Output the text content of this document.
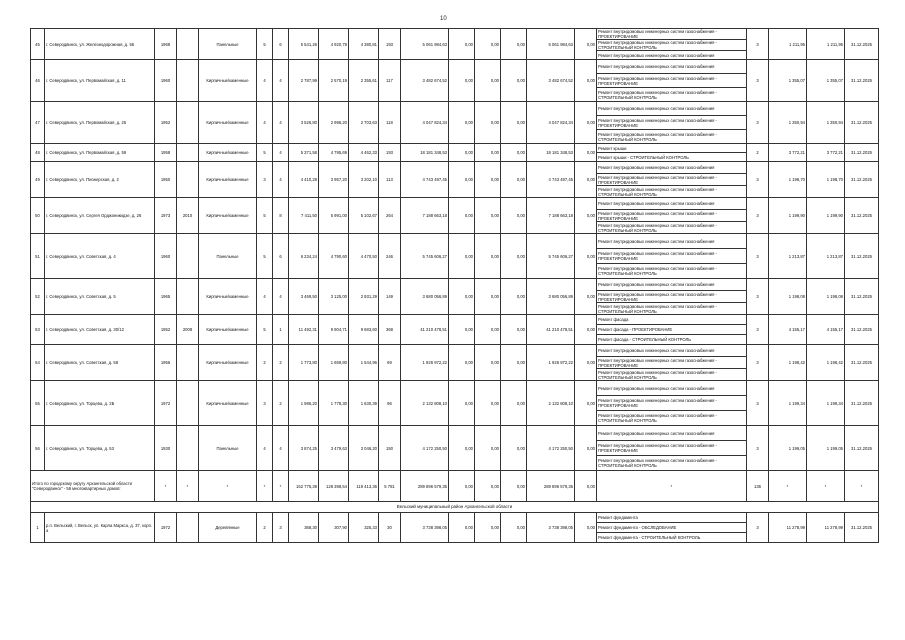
10
45	г. Северодвинск, ул. Железнодорожная, д. 56	1968		Панельные	5	6	5 541,26	4 920,78	4 380,81	193	5 061 984,63	0,00	0,00	0,00	5 061 984,63	0,00	Ремонт внутридомовых инженерных систем газоснабжения - ПРОЕКТИРОВАНИЕ	3	1 211,95	1 211,95	31.12.2025
																	Ремонт внутридомовых инженерных систем газоснабжения - СТРОИТЕЛЬНЫЙ КОНТРОЛЬ				
																	Ремонт внутридомовых инженерных систем газоснабжения				
46	г. Северодвинск, ул. Первомайская, д. 11	1960		Кирпичные/каменные	4	4	2 787,99	2 570,19	2 355,61	117	3 482 674,52	0,00	0,00	0,00	3 482 674,52	0,00	Ремонт внутридомовых инженерных систем газоснабжения	3	1 355,07	1 355,07	31.12.2025
																	Ремонт внутридомовых инженерных систем газоснабжения - ПРОЕКТИРОВАНИЕ				
																	Ремонт внутридомовых инженерных систем газоснабжения - СТРОИТЕЛЬНЫЙ КОНТРОЛЬ				
47	г. Северодвинск, ул. Первомайская, д. 25	1952		Кирпичные/каменные	4	4	3 526,80	2 996,20	2 703,63	118	4 047 824,34	0,00	0,00	0,00	4 047 824,34	0,00	Ремонт внутридомовых инженерных систем газоснабжения	3	1 350,94	1 350,94	31.12.2025
																	Ремонт внутридомовых инженерных систем газоснабжения - ПРОЕКТИРОВАНИЕ				
																	Ремонт внутридомовых инженерных систем газоснабжения - СТРОИТЕЛЬНЫЙ КОНТРОЛЬ				
48	г. Северодвинск, ул. Первомайская, д. 59	1958		Кирпичные/каменные	5	4	5 371,58	4 795,69	4 462,33	193	18 181 348,53	0,00	0,00	0,00	18 181 348,53	0,00	Ремонт крыши	2	3 772,21	3 772,21	31.12.2025
																	Ремонт крыши - СТРОИТЕЛЬНЫЙ КОНТРОЛЬ				
49	г. Северодвинск, ул. Пионерская, д. 2	1950		Кирпичные/каменные	3	4	4 410,28	3 957,20	3 202,10	113	4 743 497,45	0,00	0,00	0,00	4 743 497,45	0,00	Ремонт внутридомовых инженерных систем газоснабжения	3	1 198,70	1 198,70	31.12.2025
																	Ремонт внутридомовых инженерных систем газоснабжения - ПРОЕКТИРОВАНИЕ				
																	Ремонт внутридомовых инженерных систем газоснабжения - СТРОИТЕЛЬНЫЙ КОНТРОЛЬ				
50	г. Северодвинск, ул. Сергея Орджоникидзе, д. 26	1973	2010	Кирпичные/каменные	5	8	7 411,50	5 991,00	5 102,67	264	7 188 663,18	0,00	0,00	0,00	7 188 663,18	0,00	Ремонт внутридомовых инженерных систем газоснабжения	3	1 199,90	1 199,90	31.12.2025
																	Ремонт внутридомовых инженерных систем газоснабжения - ПРОЕКТИРОВАНИЕ				
																	Ремонт внутридомовых инженерных систем газоснабжения - СТРОИТЕЛЬНЫЙ КОНТРОЛЬ				
51	г. Северодвинск, ул. Советская, д. 4	1960		Панельные	5	6	6 234,24	4 790,60	4 470,50	246	5 745 606,27	0,00	0,00	0,00	5 745 606,27	0,00	Ремонт внутридомовых инженерных систем газоснабжения	3	1 213,87	1 213,87	31.12.2025
																	Ремонт внутридомовых инженерных систем газоснабжения - ПРОЕКТИРОВАНИЕ				
																	Ремонт внутридомовых инженерных систем газоснабжения - СТРОИТЕЛЬНЫЙ КОНТРОЛЬ				
52	г. Северодвинск, ул. Советская, д. 5	1965		Кирпичные/каменные	4	4	3 469,50	3 125,00	2 931,29	149	3 680 056,89	0,00	0,00	0,00	3 680 056,89	0,00	Ремонт внутридомовых инженерных систем газоснабжения	3	1 198,08	1 198,08	31.12.2025
																	Ремонт внутридомовых инженерных систем газоснабжения - ПРОЕКТИРОВАНИЕ				
																	Ремонт внутридомовых инженерных систем газоснабжения - СТРОИТЕЛЬНЫЙ КОНТРОЛЬ				
53	г. Северодвинск, ул. Советская, д. 30/12	1952	2008	Кирпичные/каменные	5	1	11 492,31	9 904,71	9 683,60	368	41 210 478,51	0,00	0,00	0,00	41 210 478,51	0,00	Ремонт фасада	3	4 155,17	4 155,17	31.12.2025
																	Ремонт фасада - ПРОЕКТИРОВАНИЕ				
																	Ремонт фасада - СТРОИТЕЛЬНЫЙ КОНТРОЛЬ				
54	г. Северодвинск, ул. Советская, д. 58	1956		Кирпичные/каменные	2	2	1 773,80	1 669,80	1 544,96	69	1 926 972,22	0,00	0,00	0,00	1 926 972,22	0,00	Ремонт внутридомовых инженерных систем газоснабжения	3	1 198,42	1 198,42	31.12.2025
																	Ремонт внутридомовых инженерных систем газоснабжения - ПРОЕКТИРОВАНИЕ				
																	Ремонт внутридомовых инженерных систем газоснабжения - СТРОИТЕЛЬНЫЙ КОНТРОЛЬ				
55	г. Северодвинск, ул. Торцева, д. 2Б	1972		Кирпичные/каменные	3	2	1 986,20	1 778,30	1 630,39	96	2 132 808,10	0,00	0,00	0,00	2 132 808,10	0,00	Ремонт внутридомовых инженерных систем газоснабжения	3	1 199,34	1 199,34	31.12.2025
																	Ремонт внутридомовых инженерных систем газоснабжения - ПРОЕКТИРОВАНИЕ				
																	Ремонт внутридомовых инженерных систем газоснабжения - СТРОИТЕЛЬНЫЙ КОНТРОЛЬ				
56	г. Северодвинск, ул. Торцева, д. 53	1930		Панельные	4	4	3 874,25	3 479,63	3 046,20	150	4 172 250,50	0,00	0,00	0,00	4 172 250,50	0,00	Ремонт внутридомовых инженерных систем газоснабжения	3	1 199,05	1 199,05	31.12.2025
																	Ремонт внутридомовых инженерных систем газоснабжения - ПРОЕКТИРОВАНИЕ				
																	Ремонт внутридомовых инженерных систем газоснабжения - СТРОИТЕЛЬНЫЙ КОНТРОЛЬ				
Итого по городскому округу Архангельской области "Северодвинск" - 56 многоквартирных домов:		*	*	*	*	*	152 775,39	128 398,54	119 413,36	5 781	289 896 579,35	0,00	0,00	0,00	289 896 579,35	0,00	*	136	*	*	*
Вельский муниципальный район Архангельской области																					
1	р.п. Вельский, г. Вельск, ул. Карла Маркса, д. 37, корп. а	1972		Деревянные	2	3	368,30	307,90	325,33	30	3 738 398,05	0,00	0,00	0,00	3 738 398,05	0,00	Ремонт фундамента	3	11 278,99	11 278,99	31.12.2025
																	Ремонт фундамента - ОБСЛЕДОВАНИЕ				
																	Ремонт фундамента - СТРОИТЕЛЬНЫЙ КОНТРОЛЬ				
